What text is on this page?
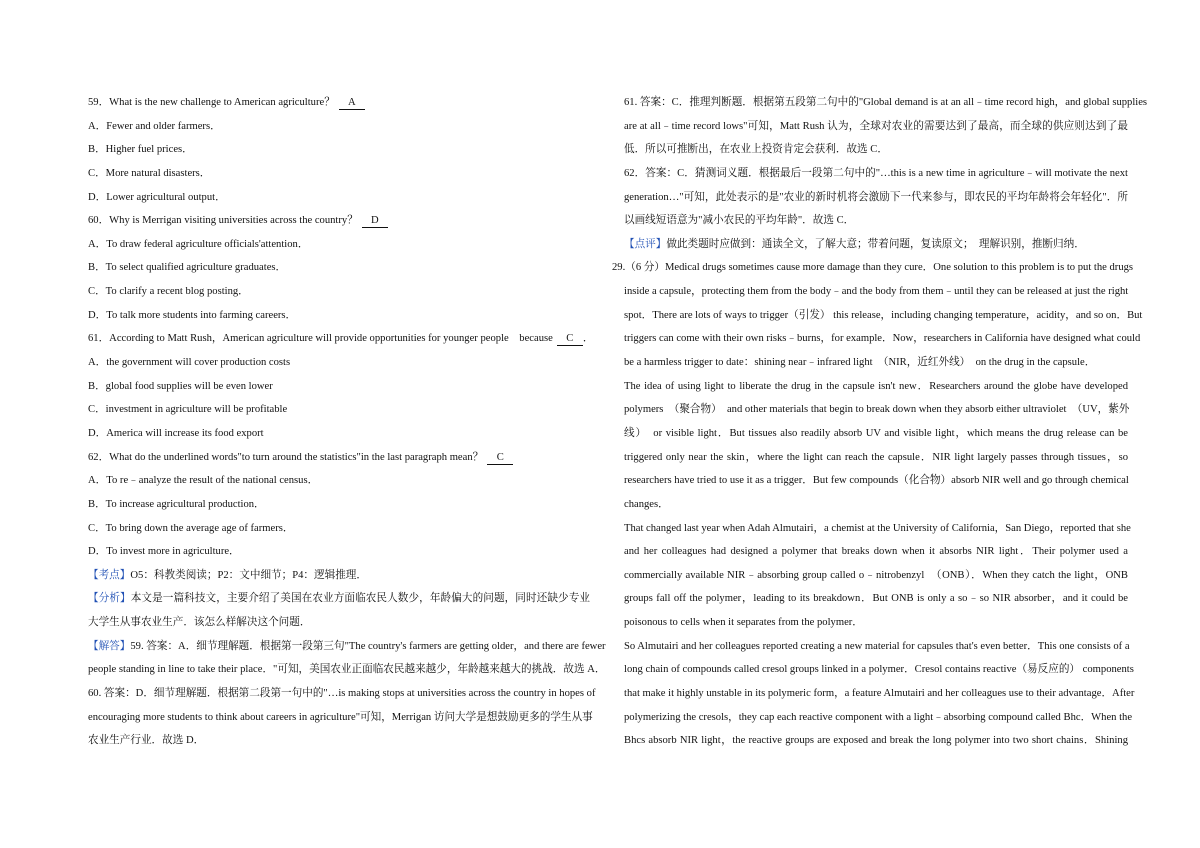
59．What is the new challenge to American agriculture？ A
A．Fewer and older farmers．
B．Higher fuel prices．
C．More natural disasters．
D．Lower agricultural output．
60．Why is Merrigan visiting universities across the country？ D
A．To draw federal agriculture officials'attention．
B．To select qualified agriculture graduates．
C．To clarify a recent blog posting．
D．To talk more students into farming careers．
61．According to Matt Rush，American agriculture will provide opportunities for younger people　because C ．
A．the government will cover production costs
B．global food supplies will be even lower
C．investment in agriculture will be profitable
D．America will increase its food export
62．What do the underlined words"to turn around the statistics"in the last paragraph mean？ C
A．To re﹣analyze the result of the national census．
B．To increase agricultural production．
C．To bring down the average age of farmers．
D．To invest more in agriculture．
【考点】O5：科教类阅读；P2：文中细节；P4：逻辑推理．
【分析】本文是一篇科技文，主要介绍了美国在农业方面临农民人数少，年龄偏大的问题，同时还缺少专业
大学生从事农业生产．该怎么样解决这个问题．
【解答】59. 答案：A．细节理解题．根据第一段第三句"The country's farmers are getting older，and there are fewer
people standing in line to take their place．"可知，美国农业正面临农民越来越少，年龄越来越大的挑战．故选 A．
60. 答案：D．细节理解题．根据第二段第一句中的"…is making stops at universities across the country in hopes of
encouraging more students to think about careers in agriculture"可知，Merrigan 访问大学是想鼓励更多的学生从事
农业生产行业．故选 D．
61. 答案：C．推理判断题．根据第五段第二句中的"Global demand is at an all﹣time record high，and global supplies
are at all﹣time record lows"可知，Matt Rush 认为，全球对农业的需要达到了最高，而全球的供应则达到了最
低．所以可推断出，在农业上投资肯定会获利．故选 C．
62．答案：C．猜测词义题．根据最后一段第二句中的"…this is a new time in agriculture﹣will motivate the next
generation…"可知，此处表示的是"农业的新时机将会激励下一代来参与，即农民的平均年龄将会年轻化"．所
以画线短语意为"减小农民的平均年龄"．故选 C．
【点评】做此类题时应做到：通读全文，了解大意；带着问题，复读原文；　理解识别，推断归纳．
29.（6 分）Medical drugs sometimes cause more damage than they cure．One solution to this problem is to put the drugs
inside a capsule，protecting them from the body﹣and the body from them﹣until they can be released at just the right
spot．There are lots of ways to trigger（引发） this release，including changing temperature，acidity，and so on．But
triggers can come with their own risks﹣burns，for example．Now，researchers in California have designed what could
be a harmless trigger to date：shining near﹣infrared light　（NIR，近红外线）　on the drug in the capsule．
The idea of using light to liberate the drug in the capsule isn't new．Researchers around the globe have developed
polymers　（聚合物）　and other materials that begin to break down when they absorb either ultraviolet　（UV，紫外
线）　or visible light．But tissues also readily absorb UV and visible light，which means the drug release can be
triggered only near the skin，where the light can reach the capsule．NIR light largely passes through tissues，so
researchers have tried to use it as a trigger．But few compounds（化合物）absorb NIR well and go through chemical
changes．
That changed last year when Adah Almutairi，a chemist at the University of California，San Diego，reported that she
and her colleagues had designed a polymer that breaks down when it absorbs NIR light．Their polymer used a
commercially available NIR﹣absorbing group called o﹣nitrobenzyl　（ONB）．When they catch the light，ONB
groups fall off the polymer，leading to its breakdown．But ONB is only a so﹣so NIR absorber，and it could be
poisonous to cells when it separates from the polymer．
So Almutairi and her colleagues reported creating a new material for capsules that's even better．This one consists of a
long chain of compounds called cresol groups linked in a polymer．Cresol contains reactive（易反应的） components
that make it highly unstable in its polymeric form，a feature Almutairi and her colleagues use to their advantage．After
polymerizing the cresols，they cap each reactive component with a light﹣absorbing compound called Bhc．When the
Bhcs absorb NIR light，the reactive groups are exposed and break the long polymer into two short chains．Shining
